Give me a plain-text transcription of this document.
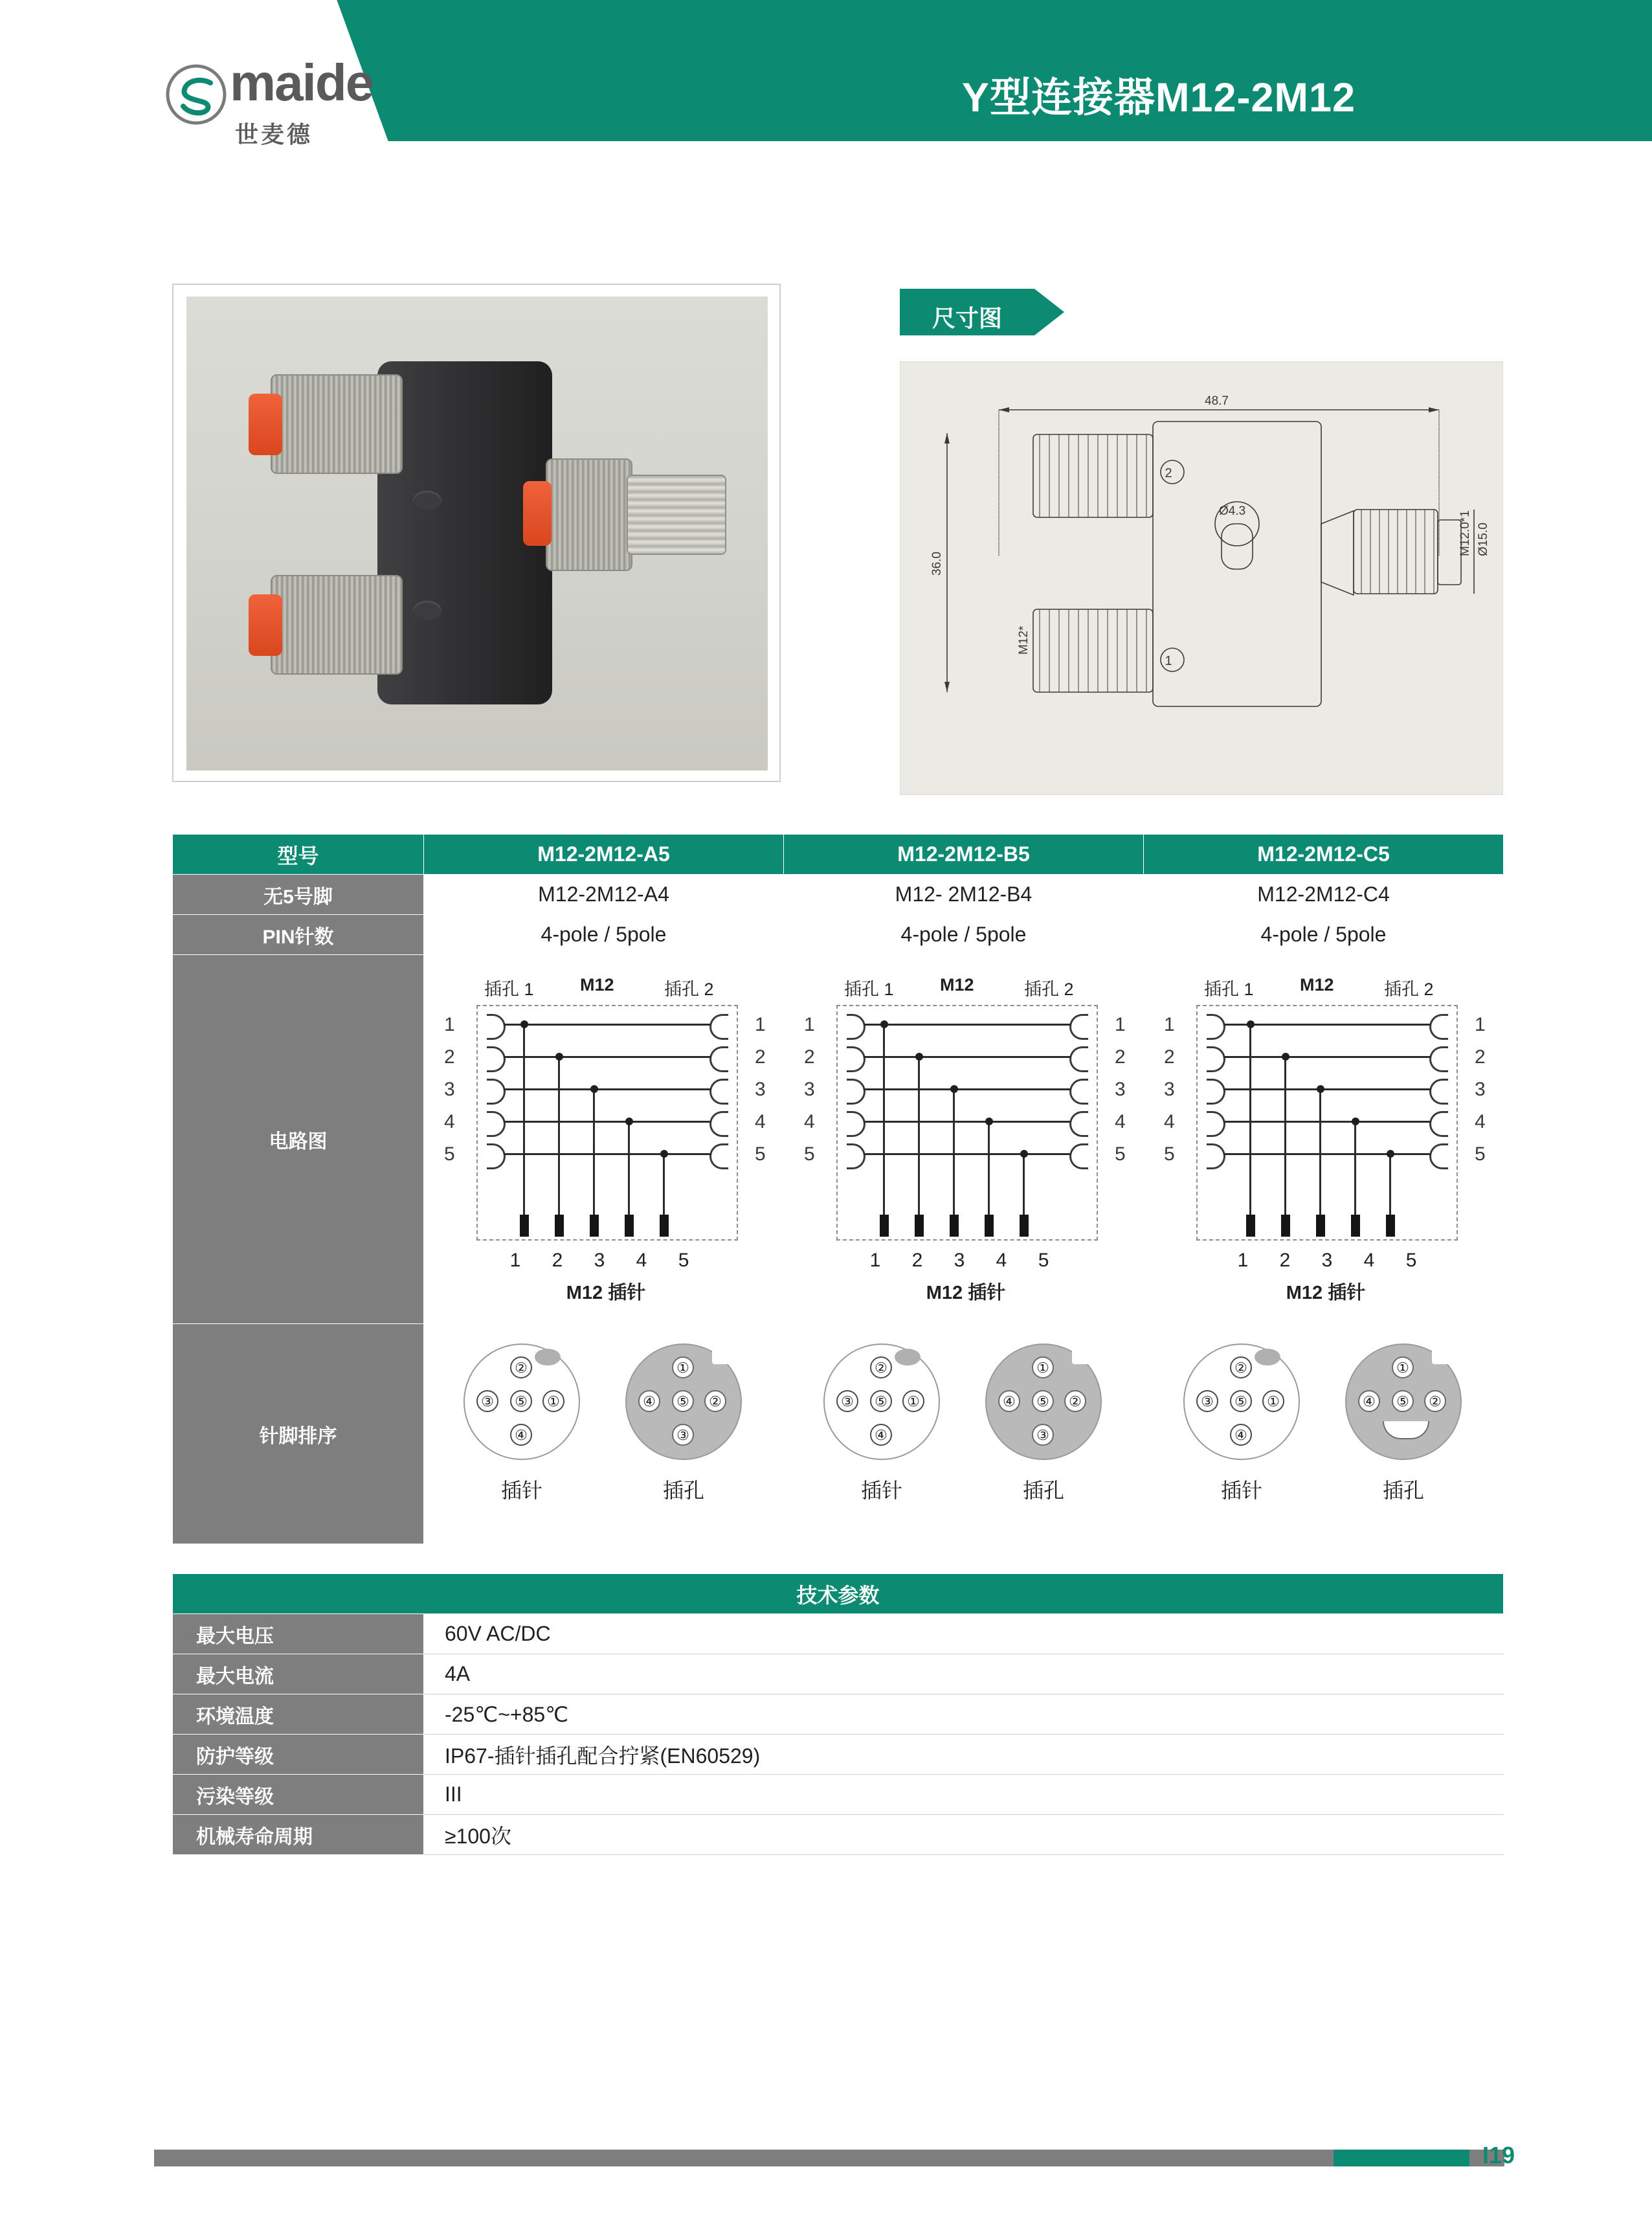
maide
世麦德
Y型连接器M12-2M12
尺寸图
48.7
36.0
Ø4.3
M12*
M12.0*1 Ø15.0
2
1
型号	M12-2M12-A5	M12-2M12-B5	M12-2M12-C5
无5号脚	M12-2M12-A4	M12- 2M12-B4	M12-2M12-C4
PIN针数	4-pole / 5pole	4-pole / 5pole	4-pole / 5pole
电路图	
插孔 1	M12	插孔 2
1
2
3
4
5
1
2
3
4
5
1 2 3 4 5
M12 插针

插孔 1	M12	插孔 2
1
2
3
4
5
1
2
3
4
5
1 2 3 4 5
M12 插针

插孔 1	M12	插孔 2
1
2
3
4
5
1
2
3
4
5
1 2 3 4 5
M12 插针

针脚排序	
②
③	⑤	①
④
①
④	⑤	②
③
插针	插孔

②
③	⑤	①
④
①
④	⑤	②
③
插针	插孔

②
③	⑤	①
④
①
④	⑤	②
插针	插孔
技术参数	
最大电压	60V AC/DC
最大电流	4A
环境温度	-25℃~+85℃
防护等级	IP67-插针插孔配合拧紧(EN60529)
污染等级	III
机械寿命周期	≥100次
I19
